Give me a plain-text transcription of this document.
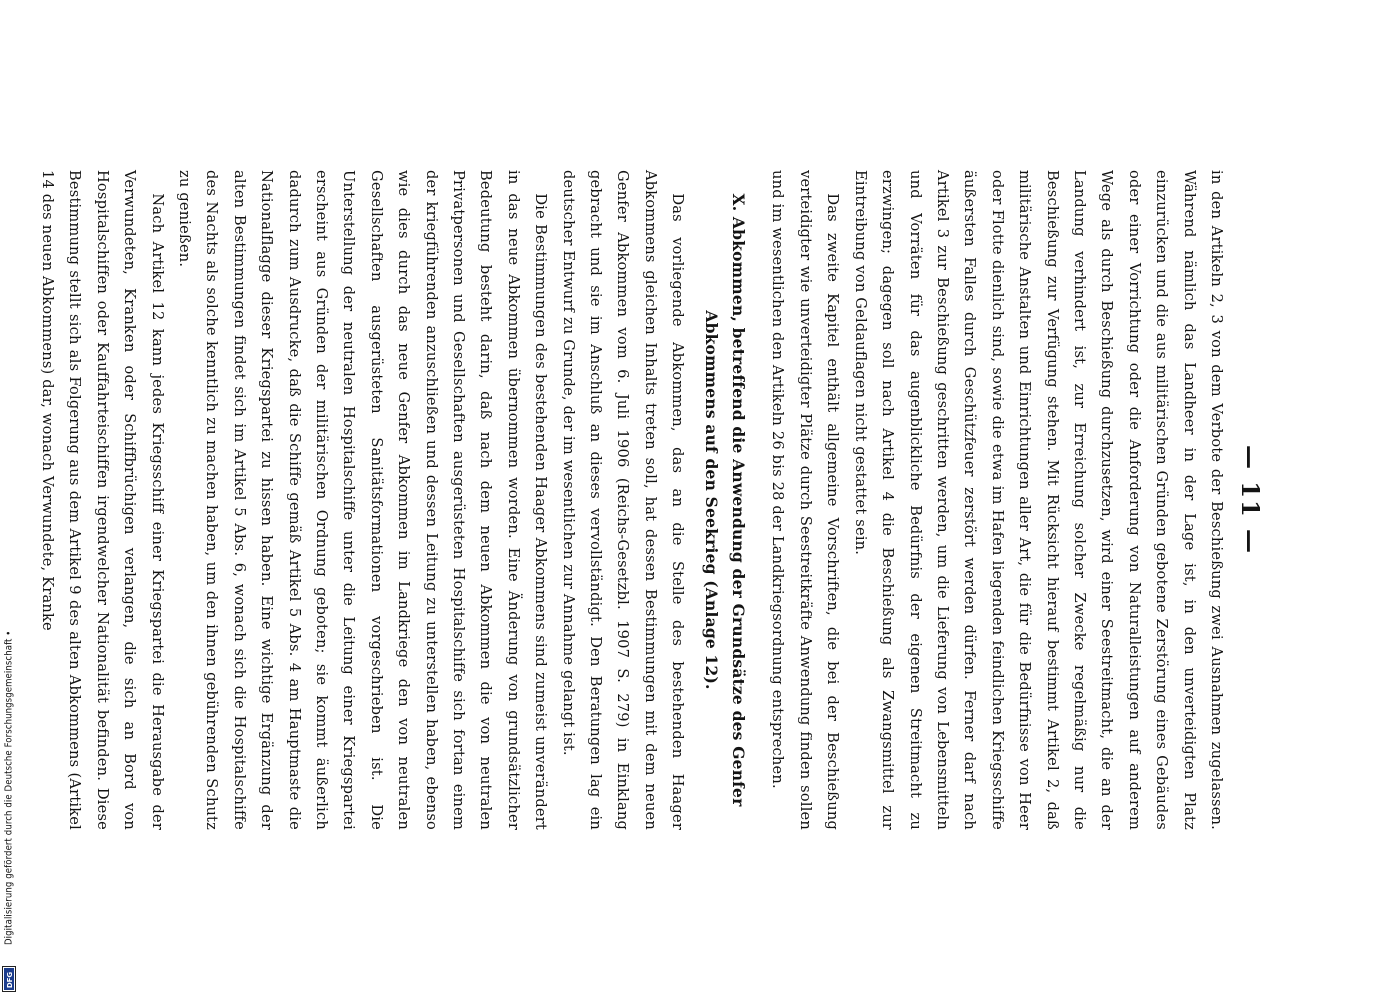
Digitalisierung gefördert durch die Deutsche Forschungsgemeinschaft •
DFG
— 11 —

in den Artikeln 2, 3 von dem Verbote der Beschießung zwei Ausnahmen zugelassen. Während nämlich das Landheer in der Lage ist, in den unverteidigten Platz einzurücken und die aus militärischen Gründen gebotene Zerstörung eines Gebäudes oder einer Vorrichtung oder die Anforderung von Naturalleistungen auf anderem Wege als durch Beschießung durchzusetzen, wird einer Seestreitmacht, die an der Landung verhindert ist, zur Erreichung solcher Zwecke regelmäßig nur die Beschießung zur Verfügung stehen. Mit Rücksicht hierauf bestimmt Artikel 2, daß militärische Anstalten und Einrichtungen aller Art, die für die Bedürfnisse von Heer oder Flotte dienlich sind, sowie die etwa im Hafen liegenden feindlichen Kriegsschiffe äußersten Falles durch Geschützfeuer zerstört werden dürfen. Ferner darf nach Artikel 3 zur Beschießung geschritten werden, um die Lieferung von Lebensmitteln und Vorräten für das augenblickliche Bedürfnis der eigenen Streitmacht zu erzwingen; dagegen soll nach Artikel 4 die Beschießung als Zwangsmittel zur Eintreibung von Geldauflagen nicht gestattet sein.

Das zweite Kapitel enthält allgemeine Vorschriften, die bei der Beschießung verteidigter wie unverteidigter Plätze durch Seestreitkräfte Anwendung finden sollen und im wesentlichen den Artikeln 26 bis 28 der Landkriegsordnung entsprechen.

X. Abkommen, betreffend die Anwendung der Grundsätze des Genfer Abkommens auf den Seekrieg (Anlage 12).

Das vorliegende Abkommen, das an die Stelle des bestehenden Haager Abkommens gleichen Inhalts treten soll, hat dessen Bestimmungen mit dem neuen Genfer Abkommen vom 6. Juli 1906 (Reichs-Gesetzbl. 1907 S. 279) in Einklang gebracht und sie im Anschluß an dieses vervollständigt. Den Beratungen lag ein deutscher Entwurf zu Grunde, der im wesentlichen zur Annahme gelangt ist.

Die Bestimmungen des bestehenden Haager Abkommens sind zumeist unverändert in das neue Abkommen übernommen worden. Eine Änderung von grundsätzlicher Bedeutung besteht darin, daß nach dem neuen Abkommen die von neutralen Privatpersonen und Gesellschaften ausgerüsteten Hospitalschiffe sich fortan einem der kriegführenden anzuschließen und dessen Leitung zu unterstellen haben, ebenso wie dies durch das neue Genfer Abkommen im Landkriege den von neutralen Gesellschaften ausgerüsteten Sanitätsformationen vorgeschrieben ist. Die Unterstellung der neutralen Hospitalschiffe unter die Leitung einer Kriegspartei erscheint aus Gründen der militärischen Ordnung geboten; sie kommt äußerlich dadurch zum Ausdrucke, daß die Schiffe gemäß Artikel 5 Abs. 4 am Hauptmaste die Nationalflagge dieser Kriegspartei zu hissen haben. Eine wichtige Ergänzung der alten Bestimmungen findet sich im Artikel 5 Abs. 6, wonach sich die Hospitalschiffe des Nachts als solche kenntlich zu machen haben, um den ihnen gebührenden Schutz zu genießen.

Nach Artikel 12 kann jedes Kriegsschiff einer Kriegspartei die Herausgabe der Verwundeten, Kranken oder Schiffbrüchigen verlangen, die sich an Bord von Hospitalschiffen oder Kauffahrteischiffen irgendwelcher Nationalität befinden. Diese Bestimmung stellt sich als Folgerung aus dem Artikel 9 des alten Abkommens (Artikel 14 des neuen Abkommens) dar, wonach Verwundete, Kranke
